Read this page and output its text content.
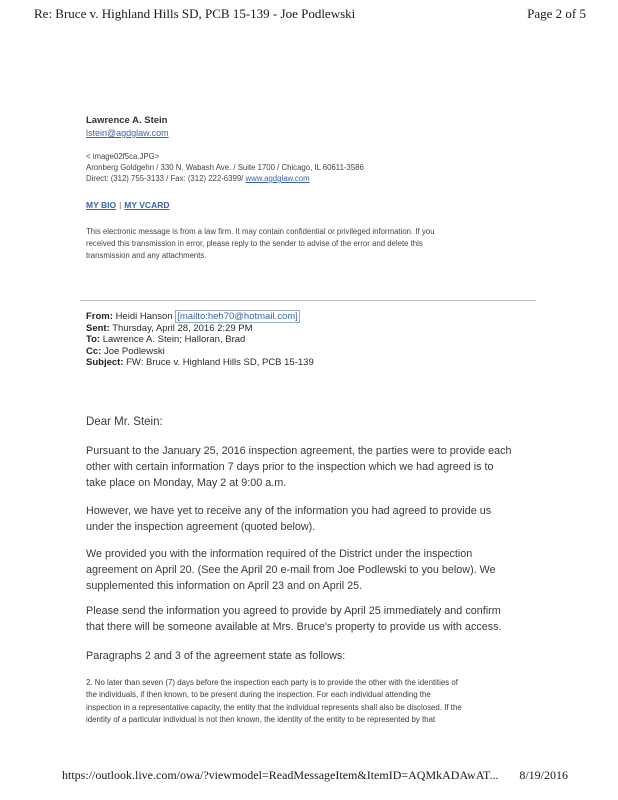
Re: Bruce v. Highland Hills SD, PCB 15-139 - Joe Podlewski	Page 2 of 5
Lawrence A. Stein
lstein@agdglaw.com
< image02f5ca.JPG>
Aronberg Goldgehn / 330 N. Wabash Ave. / Suite 1700 / Chicago, IL 60611-3586
Direct: (312) 755-3133 / Fax: (312) 222-6399/ www.agdglaw.com
MY BIO | MY VCARD
This electronic message is from a law firm. It may contain confidential or privileged information. If you
received this transmission in error, please reply to the sender to advise of the error and delete this
transmission and any attachments.
From: Heidi Hanson [mailto:heh70@hotmail.com]
Sent: Thursday, April 28, 2016 2:29 PM
To: Lawrence A. Stein; Halloran, Brad
Cc: Joe Podlewski
Subject: FW: Bruce v. Highland Hills SD, PCB 15-139
Dear Mr. Stein:
Pursuant to the January 25, 2016 inspection agreement, the parties were to provide each
other with certain information 7 days prior to the inspection which we had agreed is to
take place on Monday, May 2 at 9:00 a.m.
However, we have yet to receive any of the information you had agreed to provide us
under the inspection agreement (quoted below).
We provided you with the information required of the District under the inspection
agreement on April 20. (See the April 20 e-mail from Joe Podlewski to you below). We
supplemented this information on April 23 and on April 25.
Please send the information you agreed to provide by April 25 immediately and confirm
that there will be someone available at Mrs. Bruce's property to provide us with access.
Paragraphs 2 and 3 of the agreement state as follows:
2. No later than seven (7) days before the inspection each party is to provide the other with the identities of
the individuals, if then known, to be present during the inspection. For each individual attending the
inspection in a representative capacity, the entity that the individual represents shall also be disclosed. If the
identity of a particular individual is not then known, the identity of the entity to be represented by that
https://outlook.live.com/owa/?viewmodel=ReadMessageItem&ItemID=AQMkADAwAT... 8/19/2016
